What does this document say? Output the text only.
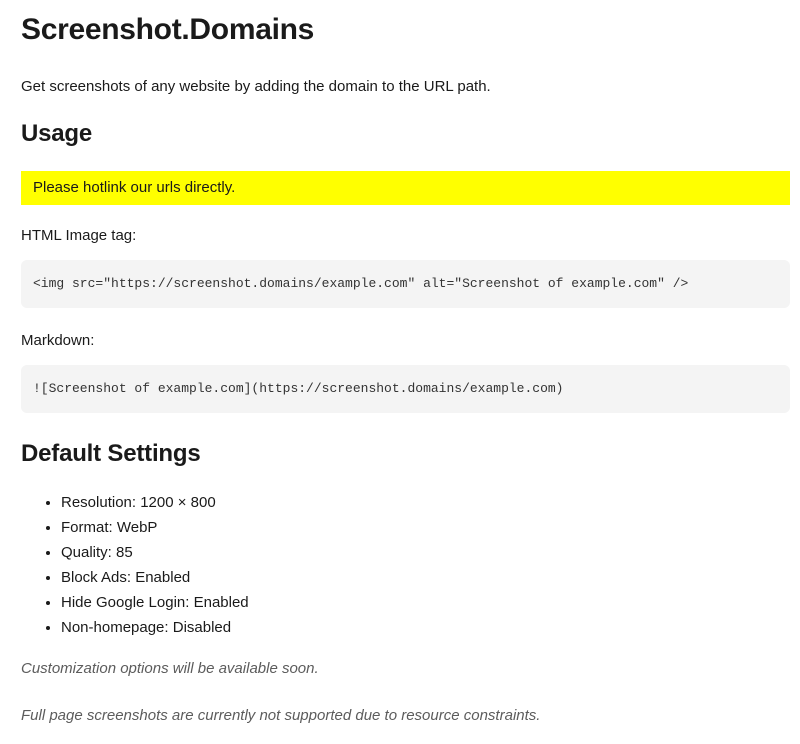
Screenshot.Domains

Get screenshots of any website by adding the domain to the URL path.

Usage
Please hotlink our urls directly.

HTML Image tag:

<img src="https://screenshot.domains/example.com" alt="Screenshot of example.com" />

Markdown:

![Screenshot of example.com](https://screenshot.domains/example.com)
Default Settings
• Resolution: 1200 × 800
• Format: WebP
• Quality: 85
• Block Ads: Enabled
• Hide Google Login: Enabled
• Non-homepage: Disabled

Customization options will be available soon.

Full page screenshots are currently not supported due to resource constraints.
